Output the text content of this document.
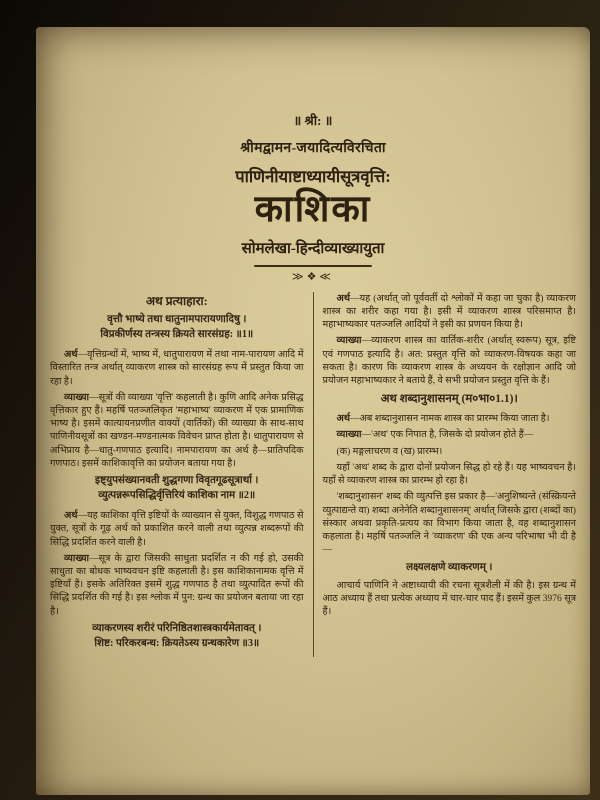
॥ श्री: ॥
श्रीमद्वामन-जयादित्यविरचिता
पाणिनीयाष्टाध्यायीसूत्रवृत्ति:
काशिका
सोमलेखा-हिन्दीव्याख्यायुता
≫❖≪
अथ प्रत्याहारा:
वृत्तौ भाष्ये तथा धातुनामपारायणादिषु ।
विप्रकीर्णस्य तन्त्रस्य क्रियते सारसंग्रह: ॥1॥

अर्थ—वृत्तिग्रन्थों में, भाष्य में, धातुपारायण में तथा नाम-पारायण आदि में विस्तारित तन्त्र अर्थात् व्याकरण शास्त्र को सारसंग्रह रूप में प्रस्तुत किया जा रहा है।

व्याख्या—सूत्रों की व्याख्या 'वृत्ति' कहलाती है। कुणि आदि अनेक प्रसिद्ध वृत्तिकार हुए हैं। महर्षि पतञ्जलिकृत 'महाभाष्य' व्याकरण में एक प्रामाणिक भाष्य है। इसमें कात्यायनप्रणीत वाक्यों (वार्तिकों) की व्याख्या के साथ-साथ पाणिनीयसूत्रों का खण्डन-मण्डनात्मक विवेचन प्राप्त होता है। धातुपारायण से अभिप्राय है—धातु-गणपाठ इत्यादि। नामपारायण का अर्थ है—प्रातिपदिक गणपाठ। इसमें काशिकावृत्ति का प्रयोजन बताया गया है।

इष्ट्युपसंख्यानवती शुद्धगणा विवृतगूढसूत्रार्था ।
व्युत्पन्नरूपसिद्धिर्वृत्तिरियं काशिका नाम ॥2॥

अर्थ—यह काशिका वृत्ति इष्टियों के व्याख्यान से युक्त, विशुद्ध गणपाठ से युक्त, सूत्रों के गूढ़ अर्थ को प्रकाशित करने वाली तथा व्युत्पन्न शब्दरूपों की सिद्धि प्रदर्शित करने वाली है।

व्याख्या—सूत्र के द्वारा जिसकी साधुता प्रदर्शित न की गई हो, उसकी साधुता का बोधक भाष्यवचन इष्टि कहलाती है। इस काशिकानामक वृत्ति में इष्टियाँ हैं। इसके अतिरिक्त इसमें शुद्ध गणपाठ है तथा व्युत्पादित रूपों की सिद्धि प्रदर्शित की गई है। इस श्लोक में पुन: ग्रन्थ का प्रयोजन बताया जा रहा है।

व्याकरणस्य शरीरं परिनिष्ठितशास्त्रकार्यमेतावत् ।
शिष्ट: परिकरबन्ध: क्रियतेऽस्य ग्रन्थकारेण ॥3॥

अर्थ—यह (अर्थात् जो पूर्ववर्ती दो श्लोकों में कहा जा चुका है) व्याकरण शास्त्र का शरीर कहा गया है। इसी में व्याकरण शास्त्र परिसमाप्त है। महाभाष्यकार पतञ्जलि आदियों ने इसी का प्रणयन किया है।

व्याख्या—व्याकरण शास्त्र का वार्तिक-शरीर (अर्थात् स्वरूप) सूत्र, इष्टि एवं गणपाठ इत्यादि है। अत: प्रस्तुत वृत्ति को व्याकरण-विषयक कहा जा सकता है। कारण कि व्याकरण शास्त्र के अध्ययन के रक्षोज्ञान आदि जो प्रयोजन महाभाष्यकार ने बताये हैं, वे सभी प्रयोजन प्रस्तुत वृत्ति के हैं।

अथ शब्दानुशासनम् (म०भा०1.1)।

अर्थ—अब शब्दानुशासन नामक शास्त्र का प्रारम्भ किया जाता है।

व्याख्या—'अथ' एक निपात है, जिसके दो प्रयोजन होते हैं—

(क) मङ्गलाचरण व (ख) प्रारम्भ।

यहाँ 'अथ' शब्द के द्वारा दोनों प्रयोजन सिद्ध हो रहे हैं। यह भाष्यवचन है। यहाँ से व्याकरण शास्त्र का प्रारम्भ हो रहा है।

'शब्दानुशासन' शब्द की व्युत्पत्ति इस प्रकार है—'अनुशिष्यन्ते (संस्क्रियन्ते व्युत्पाद्यन्ते वा) शब्दा अनेनेति शब्दानुशासनम्' अर्थात् जिसके द्वारा (शब्दों का) संस्कार अथवा प्रकृति-प्रत्यय का विभाग किया जाता है, वह शब्दानुशासन कहलाता है। महर्षि पतञ्जलि ने 'व्याकरण' की एक अन्य परिभाषा भी दी है—

लक्ष्यलक्षणे व्याकरणम् ।

आचार्य पाणिनि ने अष्टाध्यायी की रचना सूत्रशैली में की है। इस ग्रन्थ में आठ अध्याय हैं तथा प्रत्येक अध्याय में चार-चार पाद हैं। इसमें कुल 3976 सूत्र हैं।
